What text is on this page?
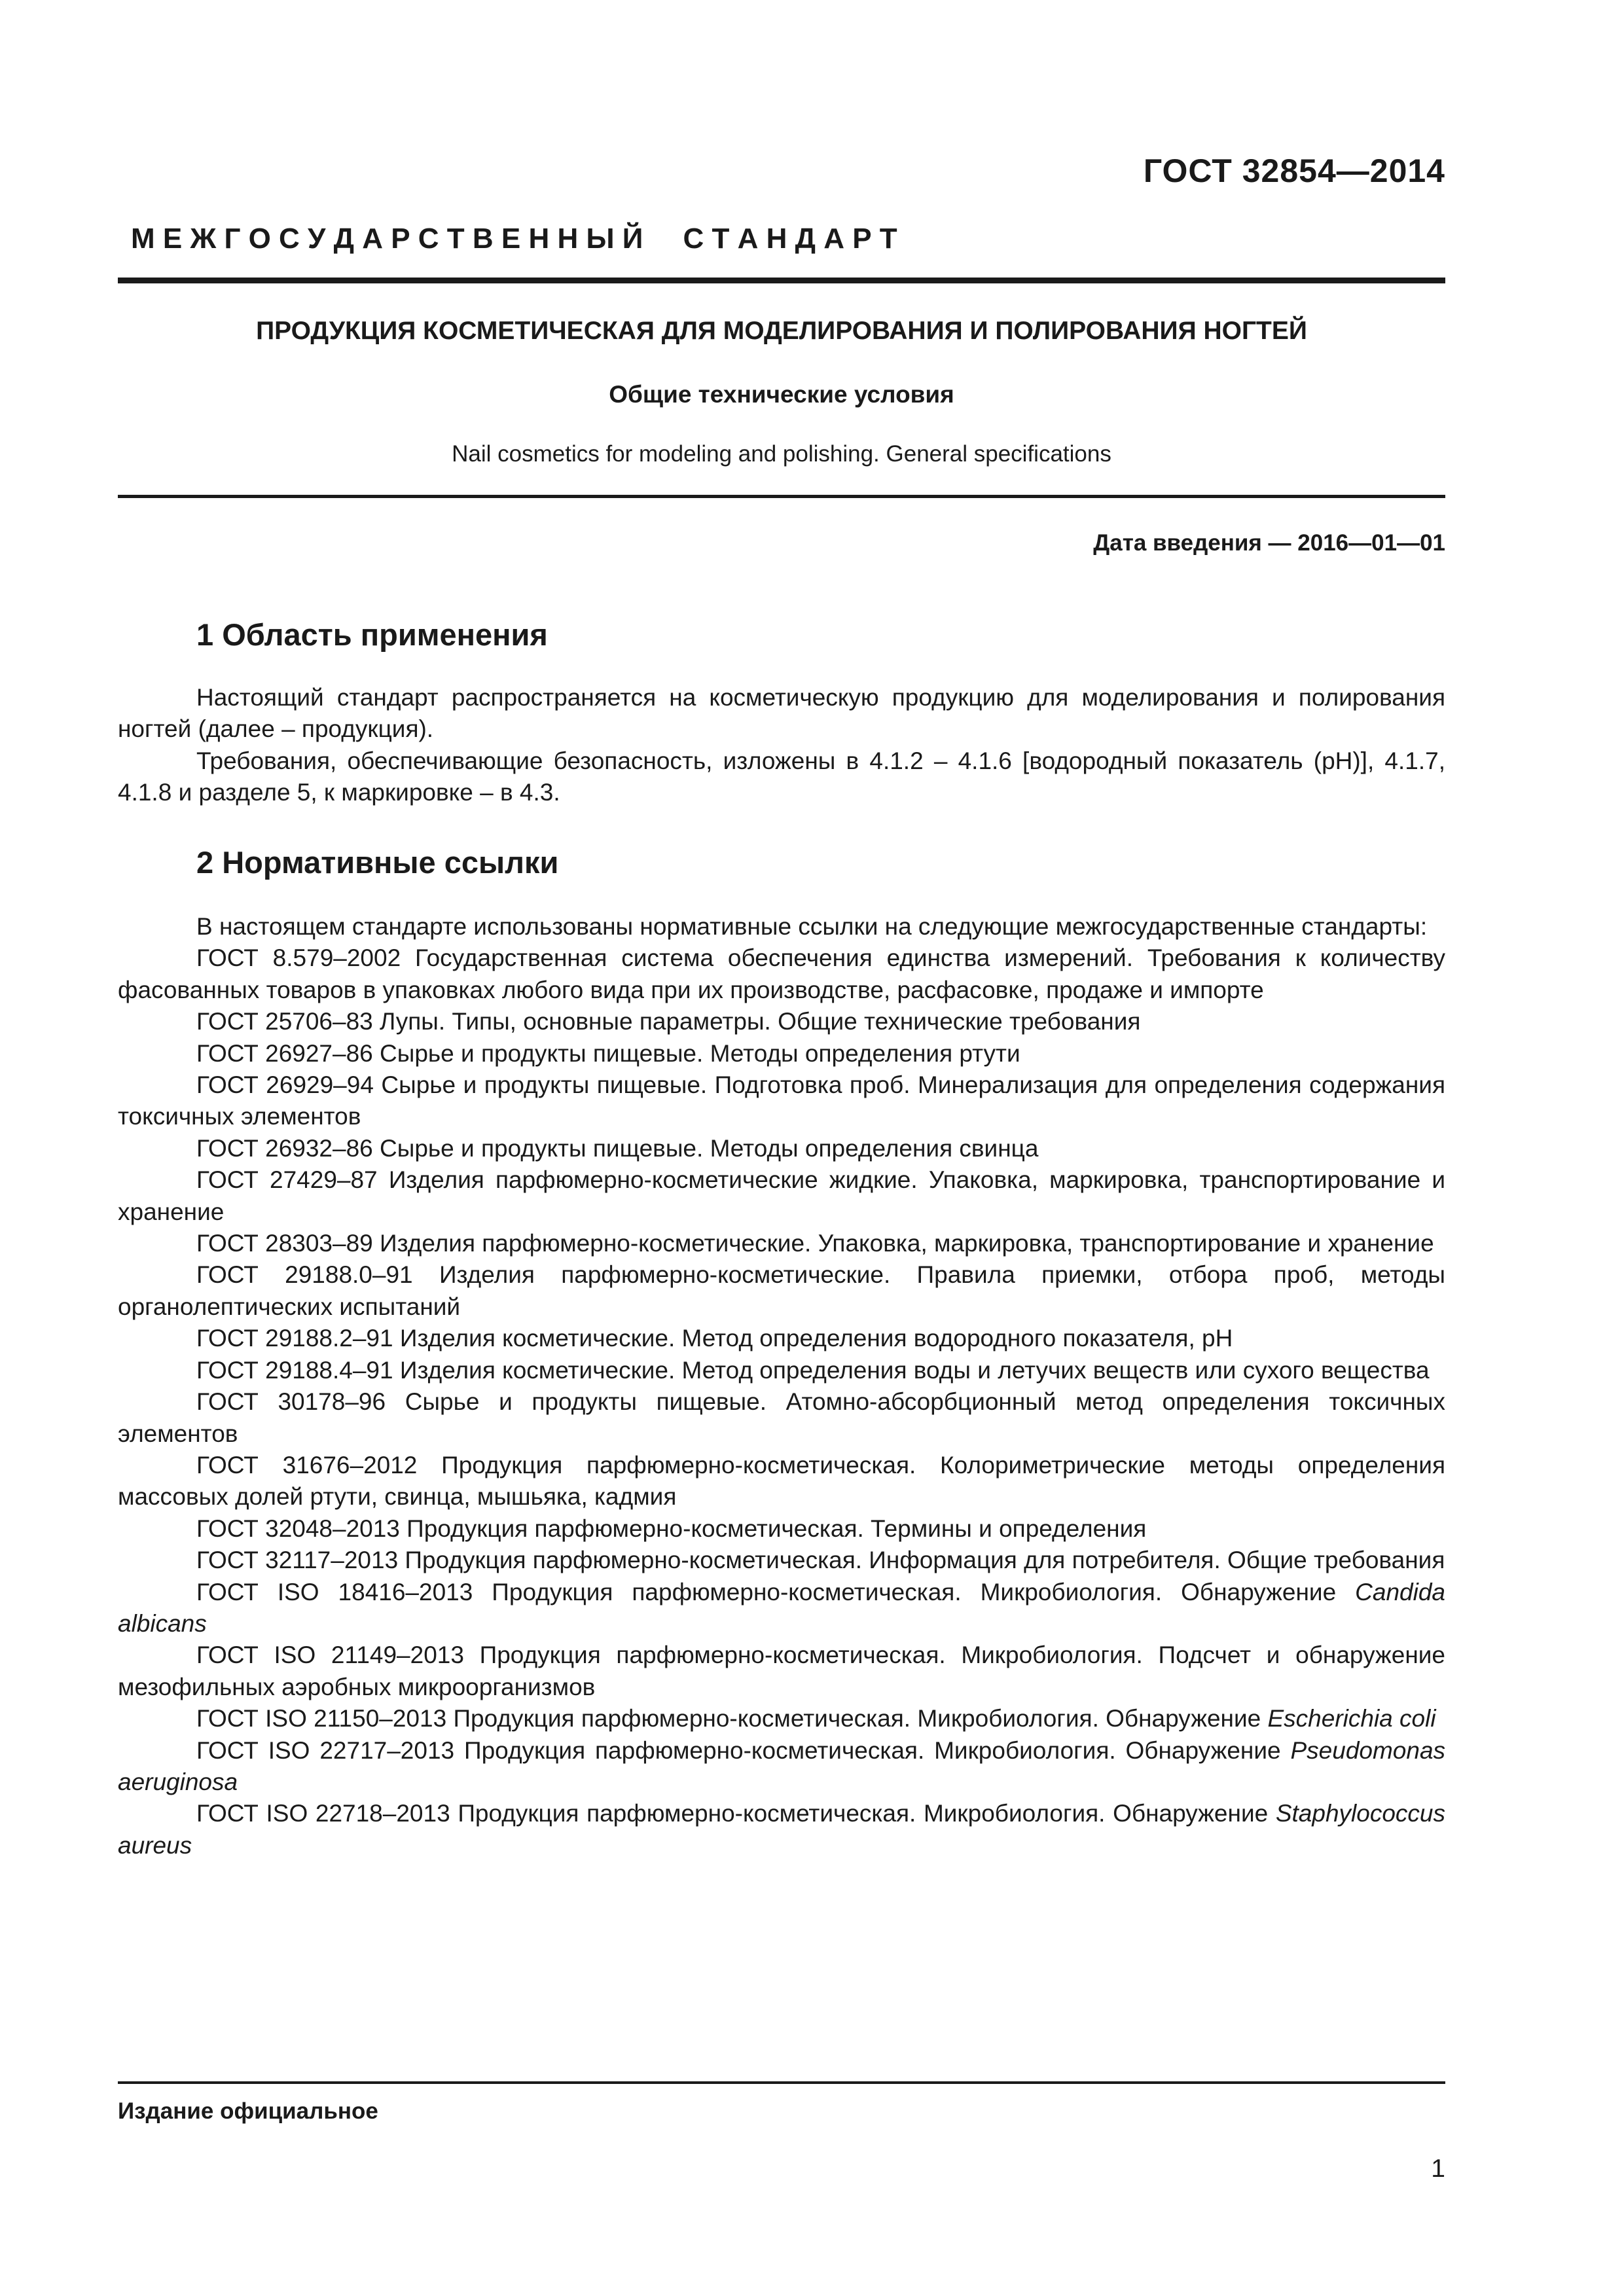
ГОСТ 32854—2014
М Е Ж Г О С У Д А Р С Т В Е Н Н Ы Й     С Т А Н Д А Р Т
ПРОДУКЦИЯ КОСМЕТИЧЕСКАЯ ДЛЯ МОДЕЛИРОВАНИЯ И ПОЛИРОВАНИЯ НОГТЕЙ
Общие технические условия
Nail cosmetics for modeling and polishing. General specifications
Дата введения — 2016—01—01
1 Область применения

Настоящий стандарт распространяется на косметическую продукцию для моделирования и полирования ногтей (далее – продукция).

Требования, обеспечивающие безопасность, изложены в 4.1.2 – 4.1.6 [водородный показатель (pH)], 4.1.7, 4.1.8 и разделе 5, к маркировке – в 4.3.

2 Нормативные ссылки

В настоящем стандарте использованы нормативные ссылки на следующие межгосударственные стандарты:

ГОСТ 8.579–2002 Государственная система обеспечения единства измерений. Требования к количеству фасованных товаров в упаковках любого вида при их производстве, расфасовке, продаже и импорте

ГОСТ 25706–83 Лупы. Типы, основные параметры. Общие технические требования

ГОСТ 26927–86 Сырье и продукты пищевые. Методы определения ртути

ГОСТ 26929–94 Сырье и продукты пищевые. Подготовка проб. Минерализация для определения содержания токсичных элементов

ГОСТ 26932–86 Сырье и продукты пищевые. Методы определения свинца

ГОСТ 27429–87 Изделия парфюмерно-косметические жидкие. Упаковка, маркировка, транспортирование и хранение

ГОСТ 28303–89 Изделия парфюмерно-косметические. Упаковка, маркировка, транспортирование и хранение

ГОСТ 29188.0–91 Изделия парфюмерно-косметические. Правила приемки, отбора проб, методы органолептических испытаний

ГОСТ 29188.2–91 Изделия косметические. Метод определения водородного показателя, pH

ГОСТ 29188.4–91 Изделия косметические. Метод определения воды и летучих веществ или сухого вещества

ГОСТ 30178–96 Сырье и продукты пищевые. Атомно-абсорбционный метод определения токсичных элементов

ГОСТ 31676–2012 Продукция парфюмерно-косметическая. Колориметрические методы определения массовых долей ртути, свинца, мышьяка, кадмия

ГОСТ 32048–2013 Продукция парфюмерно-косметическая. Термины и определения

ГОСТ 32117–2013 Продукция парфюмерно-косметическая. Информация для потребителя. Общие требования

ГОСТ ISO 18416–2013 Продукция парфюмерно-косметическая. Микробиология. Обнаружение Candida albicans

ГОСТ ISO 21149–2013 Продукция парфюмерно-косметическая. Микробиология. Подсчет и обнаружение мезофильных аэробных микроорганизмов

ГОСТ ISO 21150–2013 Продукция парфюмерно-косметическая. Микробиология. Обнаружение Escherichia coli

ГОСТ ISO 22717–2013 Продукция парфюмерно-косметическая. Микробиология. Обнаружение Pseudomonas aeruginosa

ГОСТ ISO 22718–2013 Продукция парфюмерно-косметическая. Микробиология. Обнаружение Staphylococcus aureus

Издание официальное
1
